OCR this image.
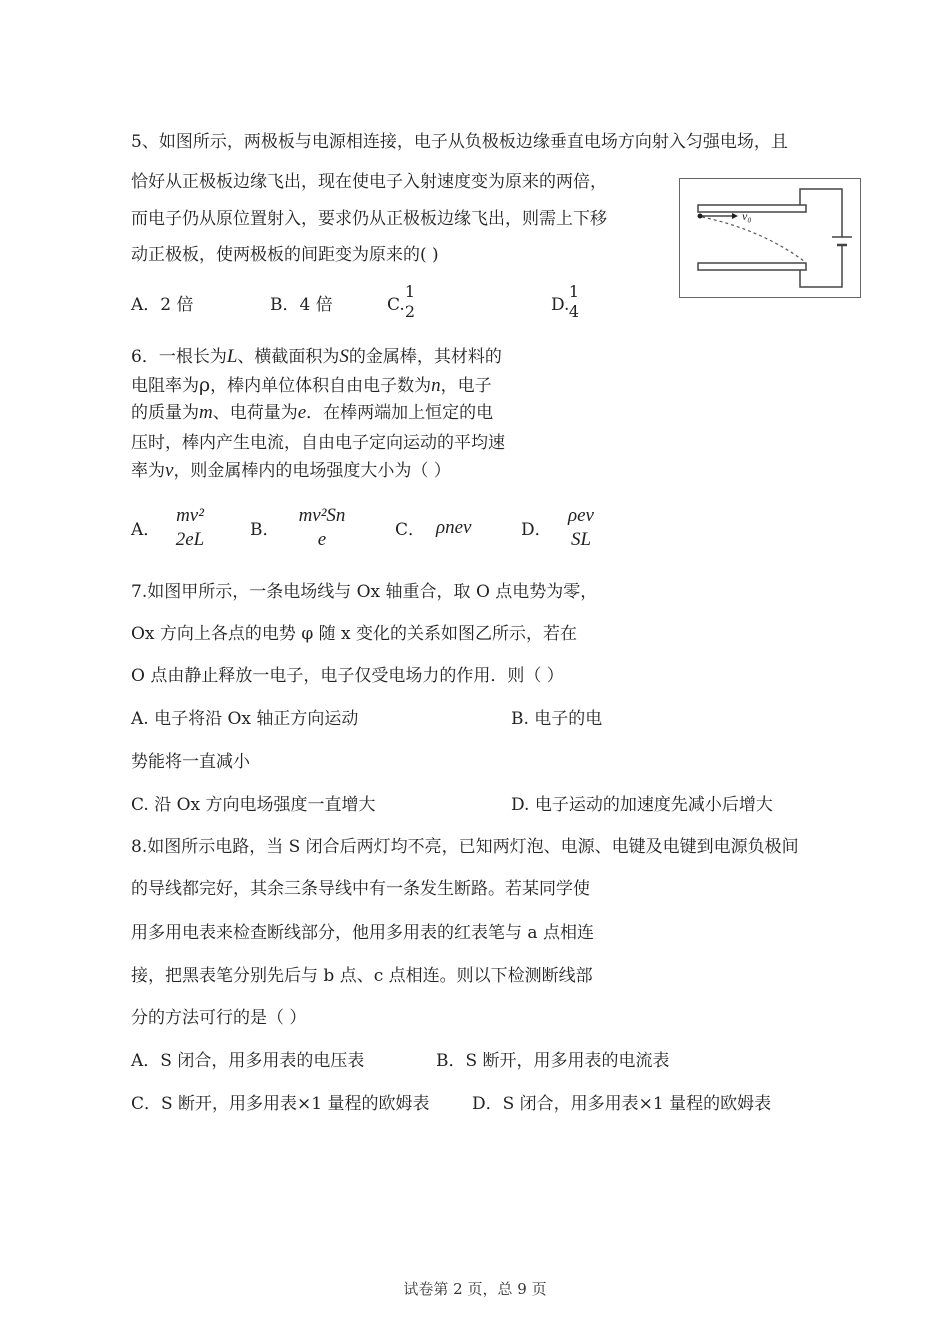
5、如图所示，两极板与电源相连接，电子从负极板边缘垂直电场方向射入匀强电场，且
恰好从正极板边缘飞出，现在使电子入射速度变为原来的两倍，
而电子仍从原位置射入，要求仍从正极板边缘飞出，则需上下移
动正极板，使两极板的间距变为原来的( )
v₀
A．2 倍	B．4 倍	C.
1
2	D.
1
4
6．一根长为L、横截面积为S的金属棒，其材料的
电阻率为ρ，棒内单位体积自由电子数为n，电子
的质量为m、电荷量为e．在棒两端加上恒定的电
压时，棒内产生电流，自由电子定向运动的平均速
率为v，则金属棒内的电场强度大小为（ ）
A．
mv²
2eL	B．
mv²Sn
e	C． ρnev	D．
ρev
SL
7.如图甲所示，一条电场线与 Ox 轴重合，取 O 点电势为零，
Ox 方向上各点的电势 φ 随 x 变化的关系如图乙所示，若在
O 点由静止释放一电子，电子仅受电场力的作用．则（ ）
A. 电子将沿 Ox 轴正方向运动	B. 电子的电
势能将一直减小
C. 沿 Ox 方向电场强度一直增大	D. 电子运动的加速度先减小后增大
8.如图所示电路，当 S 闭合后两灯均不亮，已知两灯泡、电源、电键及电键到电源负极间
的导线都完好，其余三条导线中有一条发生断路。若某同学使
用多用电表来检查断线部分，他用多用表的红表笔与 a 点相连
接，把黑表笔分别先后与 b 点、c 点相连。则以下检测断线部
分的方法可行的是（ ）
A．S 闭合，用多用表的电压表	B．S 断开，用多用表的电流表
C．S 断开，用多用表×1 量程的欧姆表 D．S 闭合，用多用表×1 量程的欧姆表
试卷第 2 页，总 9 页
